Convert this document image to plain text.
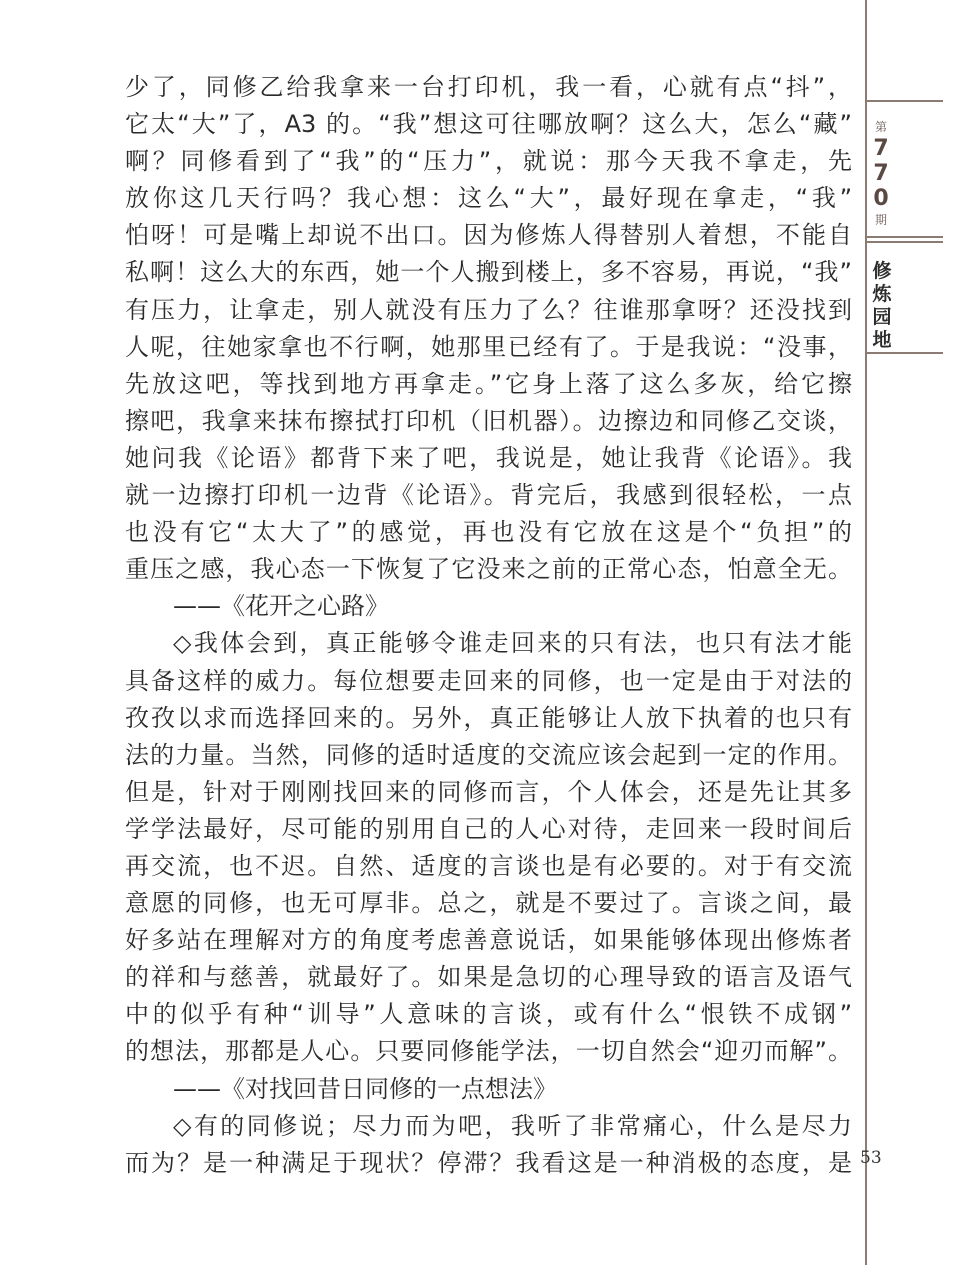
第
770
期
修
炼
园
地
少了，同修乙给我拿来一台打印机，我一看，心就有点“抖”，
它太“大”了，A3 的。“我”想这可往哪放啊？这么大，怎么“藏”
啊？同修看到了“我”的“压力”，就说：那今天我不拿走，先
放你这几天行吗？我心想：这么“大”，最好现在拿走，“我”
怕呀！可是嘴上却说不出口。因为修炼人得替别人着想，不能自
私啊！这么大的东西，她一个人搬到楼上，多不容易，再说，“我”
有压力，让拿走，别人就没有压力了么？往谁那拿呀？还没找到
人呢，往她家拿也不行啊，她那里已经有了。于是我说：“没事，
先放这吧，等找到地方再拿走。”它身上落了这么多灰，给它擦
擦吧，我拿来抹布擦拭打印机（旧机器）。边擦边和同修乙交谈，
她问我《论语》都背下来了吧，我说是，她让我背《论语》。我
就一边擦打印机一边背《论语》。背完后，我感到很轻松，一点
也没有它“太大了”的感觉，再也没有它放在这是个“负担”的
重压之感，我心态一下恢复了它没来之前的正常心态，怕意全无。
——《花开之心路》
◇我体会到，真正能够令谁走回来的只有法，也只有法才能
具备这样的威力。每位想要走回来的同修，也一定是由于对法的
孜孜以求而选择回来的。另外，真正能够让人放下执着的也只有
法的力量。当然，同修的适时适度的交流应该会起到一定的作用。
但是，针对于刚刚找回来的同修而言，个人体会，还是先让其多
学学法最好，尽可能的别用自己的人心对待，走回来一段时间后
再交流，也不迟。自然、适度的言谈也是有必要的。对于有交流
意愿的同修，也无可厚非。总之，就是不要过了。言谈之间，最
好多站在理解对方的角度考虑善意说话，如果能够体现出修炼者
的祥和与慈善，就最好了。如果是急切的心理导致的语言及语气
中的似乎有种“训导”人意味的言谈，或有什么“恨铁不成钢”
的想法，那都是人心。只要同修能学法，一切自然会“迎刃而解”。
——《对找回昔日同修的一点想法》
◇有的同修说；尽力而为吧，我听了非常痛心，什么是尽力
而为？是一种满足于现状？停滞？我看这是一种消极的态度，是 53
